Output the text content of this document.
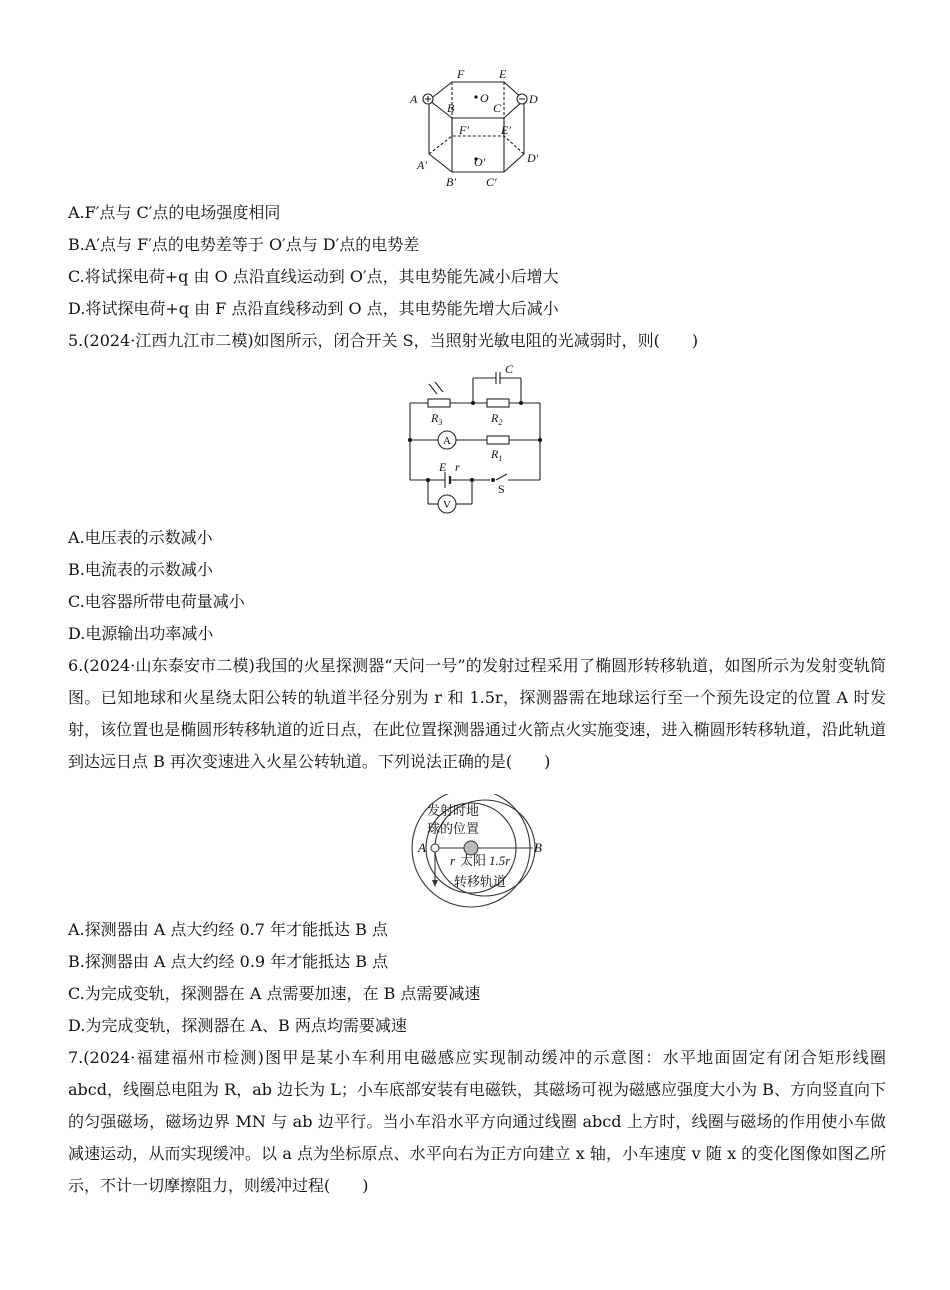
A
B	C
D
E
F
O
A′
B′	C′
D′
E′
F′
O′
A.F′点与 C′点的电场强度相同
B.A′点与 F′点的电势差等于 O′点与 D′点的电势差
C.将试探电荷+q 由 O 点沿直线运动到 O′点，其电势能先减小后增大
D.将试探电荷+q 由 F 点沿直线移动到 O 点，其电势能先增大后减小
5.(2024·江西九江市二模)如图所示，闭合开关 S，当照射光敏电阻的光减弱时，则(　　)
C
$R_3$	$R_2$
$R_1$
A
V
E r
S
A.电压表的示数减小
B.电流表的示数减小
C.电容器所带电荷量减小
D.电源输出功率减小
6.(2024·山东泰安市二模)我国的火星探测器“天问一号”的发射过程采用了椭圆形转移轨道，如图所示为发射变轨简图。已知地球和火星绕太阳公转的轨道半径分别为 r 和 1.5r，探测器需在地球运行至一个预先设定的位置 A 时发射，该位置也是椭圆形转移轨道的近日点，在此位置探测器通过火箭点火实施变速，进入椭圆形转移轨道，沿此轨道到达远日点 B 再次变速进入火星公转轨道。下列说法正确的是(　　)
发射时地
球的位置
A	B
r 太阳 1.5r
转移轨道
A.探测器由 A 点大约经 0.7 年才能抵达 B 点
B.探测器由 A 点大约经 0.9 年才能抵达 B 点
C.为完成变轨，探测器在 A 点需要加速，在 B 点需要减速
D.为完成变轨，探测器在 A、B 两点均需要减速
7.(2024·福建福州市检测)图甲是某小车利用电磁感应实现制动缓冲的示意图：水平地面固定有闭合矩形线圈 abcd，线圈总电阻为 R，ab 边长为 L；小车底部安装有电磁铁，其磁场可视为磁感应强度大小为 B、方向竖直向下的匀强磁场，磁场边界 MN 与 ab 边平行。当小车沿水平方向通过线圈 abcd 上方时，线圈与磁场的作用使小车做减速运动，从而实现缓冲。以 a 点为坐标原点、水平向右为正方向建立 x 轴，小车速度 v 随 x 的变化图像如图乙所示，不计一切摩擦阻力，则缓冲过程(　　)
